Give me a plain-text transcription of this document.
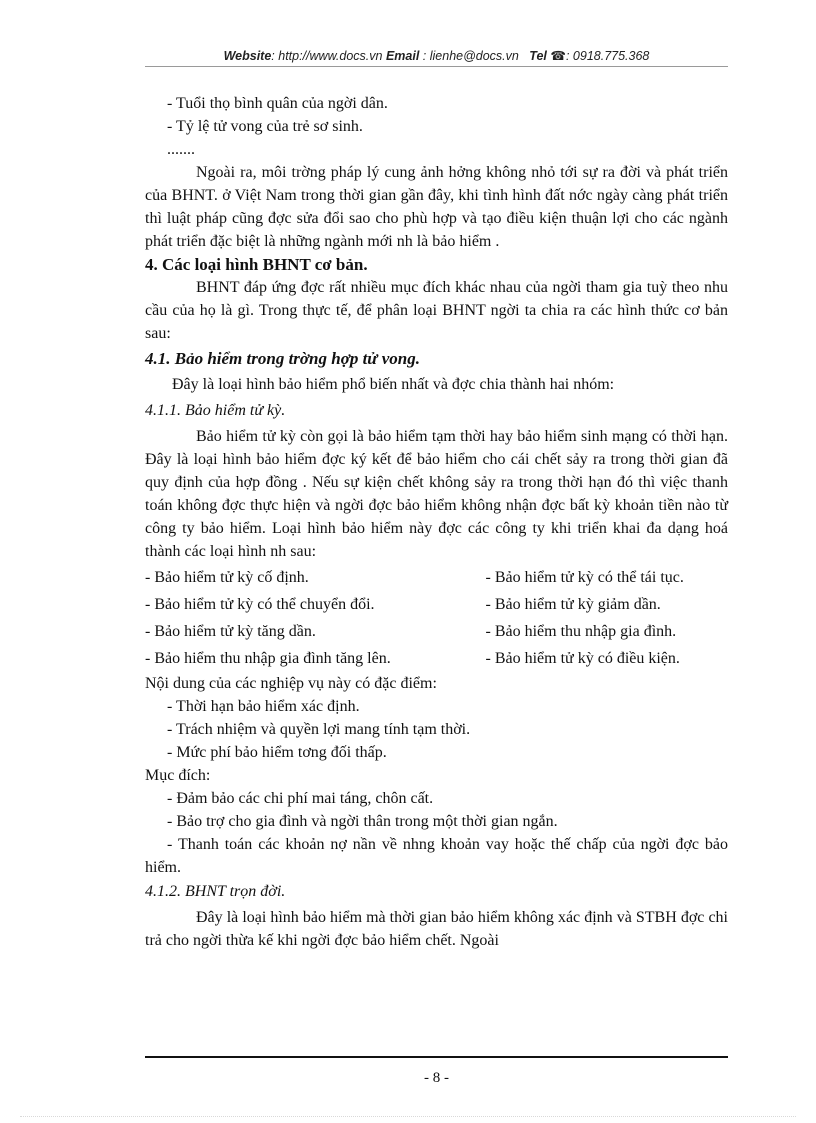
Website: http://www.docs.vn Email : lienhe@docs.vn Tel ☎: 0918.775.368

- Tuổi thọ bình quân của ngời dân.

- Tỷ lệ tử vong của trẻ sơ sinh.

.......

Ngoài ra, môi trờng pháp lý cung ảnh hởng không nhỏ tới sự ra đời và phát triển của BHNT. ở Việt Nam trong thời gian gần đây, khi tình hình đất nớc ngày càng phát triển thì luật pháp cũng đợc sửa đổi sao cho phù hợp và tạo điều kiện thuận lợi cho các ngành phát triển đặc biệt là những ngành mới nh là bảo hiểm .

4. Các loại hình BHNT cơ bản.

BHNT đáp ứng đợc rất nhiều mục đích khác nhau của ngời tham gia tuỳ theo nhu cầu của họ là gì. Trong thực tế, để phân loại BHNT ngời ta chia ra các hình thức cơ bản sau:

4.1. Bảo hiểm trong trờng hợp tử vong.

Đây là loại hình bảo hiểm phổ biến nhất và đợc chia thành hai nhóm:

4.1.1. Bảo hiểm tử kỳ.

Bảo hiểm tử kỳ còn gọi là bảo hiểm tạm thời hay bảo hiểm sinh mạng có thời hạn. Đây là loại hình bảo hiểm đợc ký kết để bảo hiểm cho cái chết sảy ra trong thời gian đã quy định của hợp đồng . Nếu sự kiện chết không sảy ra trong thời hạn đó thì việc thanh toán không đợc thực hiện và ngời đợc bảo hiểm không nhận đợc bất kỳ khoản tiền nào từ công ty bảo hiểm. Loại hình bảo hiểm này đợc các công ty khi triển khai đa dạng hoá thành các loại hình nh sau:

- Bảo hiểm tử kỳ cố định.	- Bảo hiểm tử kỳ có thể tái tục.
- Bảo hiểm tử kỳ có thể chuyển đổi.	- Bảo hiểm tử kỳ giảm dần.
- Bảo hiểm tử kỳ tăng dần.	- Bảo hiểm thu nhập gia đình.
- Bảo hiểm thu nhập gia đình tăng lên.	- Bảo hiểm tử kỳ có điều kiện.

Nội dung của các nghiệp vụ này có đặc điểm:

- Thời hạn bảo hiểm xác định.

- Trách nhiệm và quyền lợi mang tính tạm thời.

- Mức phí bảo hiểm tơng đối thấp.

Mục đích:

- Đảm bảo các chi phí mai táng, chôn cất.

- Bảo trợ cho gia đình và ngời thân trong một thời gian ngắn.

- Thanh toán các khoản nợ nần về nhng khoản vay hoặc thế chấp của ngời đợc bảo hiểm.

4.1.2. BHNT trọn đời.

Đây là loại hình bảo hiểm mà thời gian bảo hiểm không xác định và STBH đợc chi trả cho ngời thừa kế khi ngời đợc bảo hiểm chết. Ngoài

- 8 -
